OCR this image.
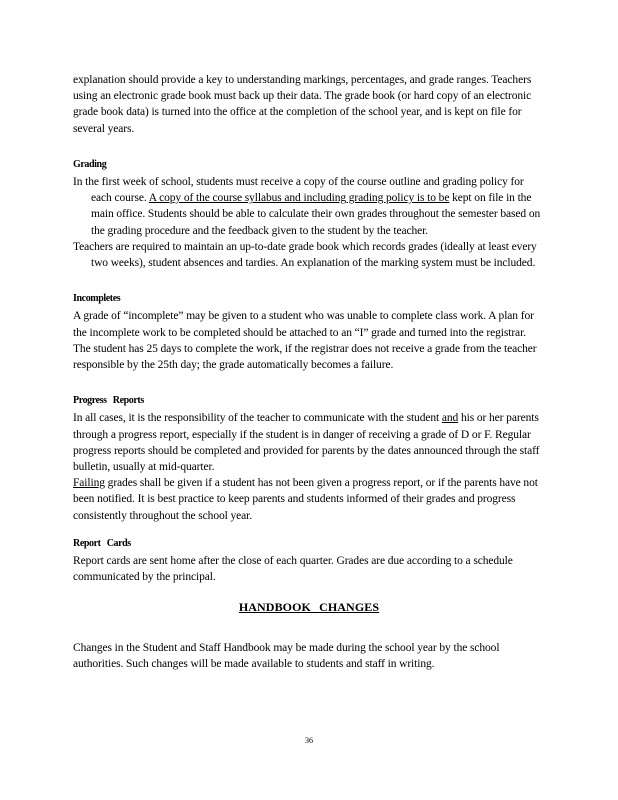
explanation should provide a key to understanding markings, percentages, and grade ranges. Teachers using an electronic grade book must back up their data. The grade book (or hard copy of an electronic grade book data) is turned into the office at the completion of the school year, and is kept on file for several years.

Grading

In the first week of school, students must receive a copy of the course outline and grading policy for each course. A copy of the course syllabus and including grading policy is to be kept on file in the main office. Students should be able to calculate their own grades throughout the semester based on the grading procedure and the feedback given to the student by the teacher.

Teachers are required to maintain an up-to-date grade book which records grades (ideally at least every two weeks), student absences and tardies. An explanation of the marking system must be included.

Incompletes

A grade of “incomplete” may be given to a student who was unable to complete class work. A plan for the incomplete work to be completed should be attached to an “I” grade and turned into the registrar. The student has 25 days to complete the work, if the registrar does not receive a grade from the teacher responsible by the 25th day; the grade automatically becomes a failure.

Progress Reports

In all cases, it is the responsibility of the teacher to communicate with the student and his or her parents through a progress report, especially if the student is in danger of receiving a grade of D or F. Regular progress reports should be completed and provided for parents by the dates announced through the staff bulletin, usually at mid-quarter.

Failing grades shall be given if a student has not been given a progress report, or if the parents have not been notified. It is best practice to keep parents and students informed of their grades and progress consistently throughout the school year.

Report Cards

Report cards are sent home after the close of each quarter. Grades are due according to a schedule communicated by the principal.

HANDBOOK CHANGES

Changes in the Student and Staff Handbook may be made during the school year by the school authorities. Such changes will be made available to students and staff in writing.

36
